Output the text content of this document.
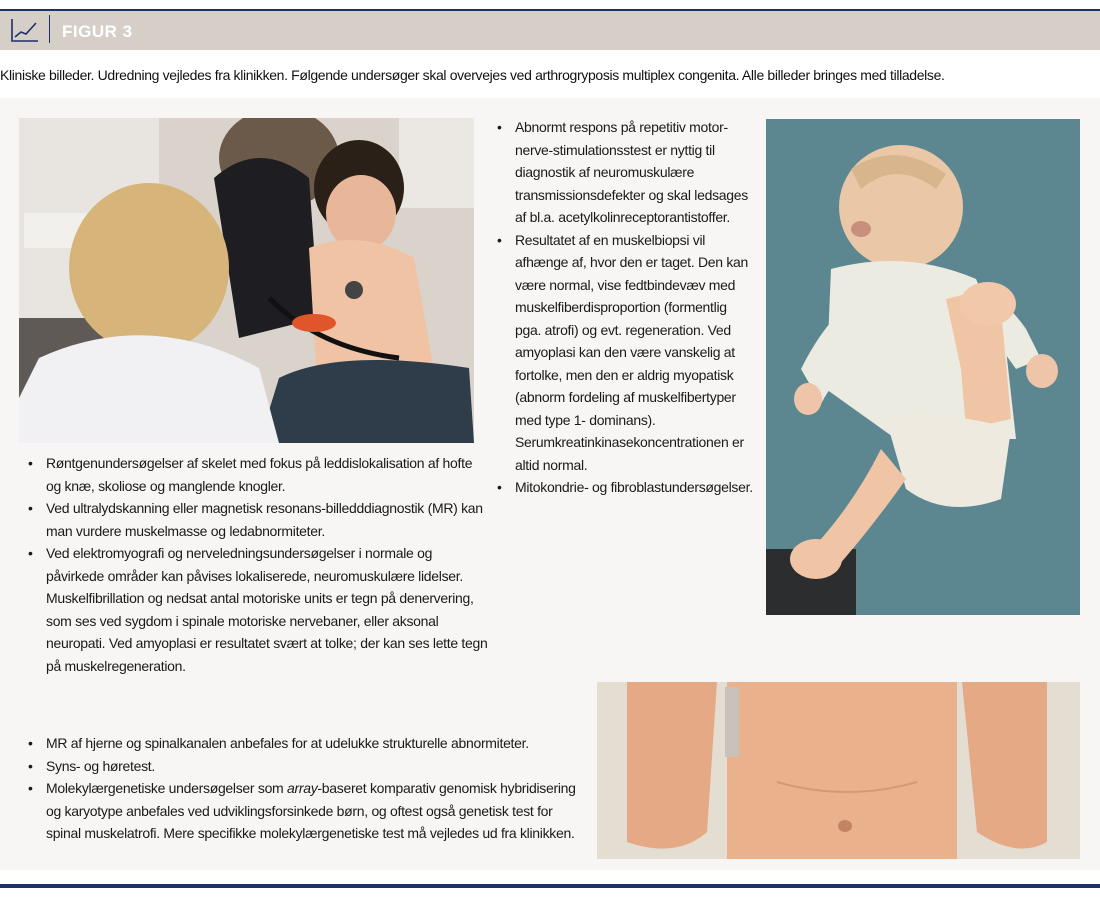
FIGUR 3
Kliniske billeder. Udredning vejledes fra klinikken. Følgende undersøger skal overvejes ved arthrogryposis multiplex congenita. Alle billeder bringes med tilladelse.
• Røntgenundersøgelser af skelet med fokus på leddislokalisation af hofte og knæ, skoliose og manglende knogler.
• Ved ultralydskanning eller magnetisk resonans-billedddiagnostik (MR) kan man vurdere muskelmasse og ledabnormiteter.
• Ved elektromyografi og nerveledningsundersøgelser i normale og påvirkede områder kan påvises lokaliserede, neuromuskulære lidelser. Muskelfibrillation og nedsat antal motoriske units er tegn på denervering, som ses ved sygdom i spinale motoriske nervebaner, eller aksonal neuropati. Ved amyoplasi er resultatet svært at tolke; der kan ses lette tegn på muskelregeneration.
• Abnormt respons på repetitiv motor-nerve-stimulationsstest er nyttig til diagnostik af neuromuskulære transmissionsdefekter og skal ledsages af bl.a. acetylkolinreceptorantistoffer.
• Resultatet af en muskelbiopsi vil afhænge af, hvor den er taget. Den kan være normal, vise fedtbindevæv med muskelfiberdisproportion (formentlig pga. atrofi) og evt. regeneration. Ved amyoplasi kan den være vanskelig at fortolke, men den er aldrig myopatisk (abnorm fordeling af muskelfibertyper med type 1- dominans). Serumkreatinkinasekoncentrationen er altid normal.
• Mitokondrie- og fibroblastundersøgelser.
• MR af hjerne og spinalkanalen anbefales for at udelukke strukturelle abnormiteter.
• Syns- og høretest.
• Molekylærgenetiske undersøgelser som array-baseret komparativ genomisk hybridisering og karyotype anbefales ved udviklingsforsinkede børn, og oftest også genetisk test for spinal muskelatrofi. Mere specifikke molekylærgenetiske test må vejledes ud fra klinikken.
